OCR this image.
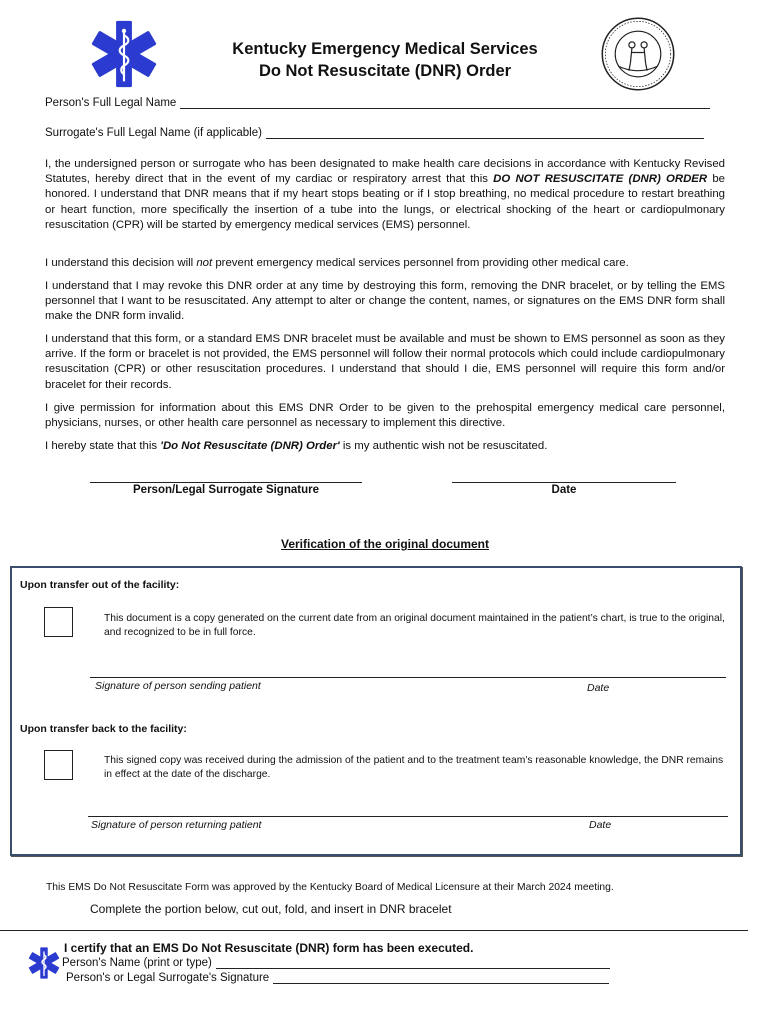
Kentucky Emergency Medical Services
Do Not Resuscitate (DNR) Order
Person's Full Legal Name
Surrogate's Full Legal Name (if applicable)
I, the undersigned person or surrogate who has been designated to make health care decisions in accordance with Kentucky Revised Statutes, hereby direct that in the event of my cardiac or respiratory arrest that this DO NOT RESUSCITATE (DNR) ORDER be honored. I understand that DNR means that if my heart stops beating or if I stop breathing, no medical procedure to restart breathing or heart function, more specifically the insertion of a tube into the lungs, or electrical shocking of the heart or cardiopulmonary resuscitation (CPR) will be started by emergency medical services (EMS) personnel.
I understand this decision will not prevent emergency medical services personnel from providing other medical care.
I understand that I may revoke this DNR order at any time by destroying this form, removing the DNR bracelet, or by telling the EMS personnel that I want to be resuscitated. Any attempt to alter or change the content, names, or signatures on the EMS DNR form shall make the DNR form invalid.
I understand that this form, or a standard EMS DNR bracelet must be available and must be shown to EMS personnel as soon as they arrive. If the form or bracelet is not provided, the EMS personnel will follow their normal protocols which could include cardiopulmonary resuscitation (CPR) or other resuscitation procedures. I understand that should I die, EMS personnel will require this form and/or bracelet for their records.
I give permission for information about this EMS DNR Order to be given to the prehospital emergency medical care personnel, physicians, nurses, or other health care personnel as necessary to implement this directive.
I hereby state that this 'Do Not Resuscitate (DNR) Order' is my authentic wish not be resuscitated.
Person/Legal Surrogate Signature	Date
Verification of the original document
Upon transfer out of the facility:
This document is a copy generated on the current date from an original document maintained in the patient’s chart, is true to the original, and recognized to be in full force.
Signature of person sending patient	Date
Upon transfer back to the facility:
This signed copy was received during the admission of the patient and to the treatment team’s reasonable knowledge, the DNR remains in effect at the date of the discharge.
Signature of person returning patient	Date
This EMS Do Not Resuscitate Form was approved by the Kentucky Board of Medical Licensure at their March 2024 meeting.
Complete the portion below, cut out, fold, and insert in DNR bracelet
I certify that an EMS Do Not Resuscitate (DNR) form has been executed.
Person's Name (print or type)
Person's or Legal Surrogate's Signature
